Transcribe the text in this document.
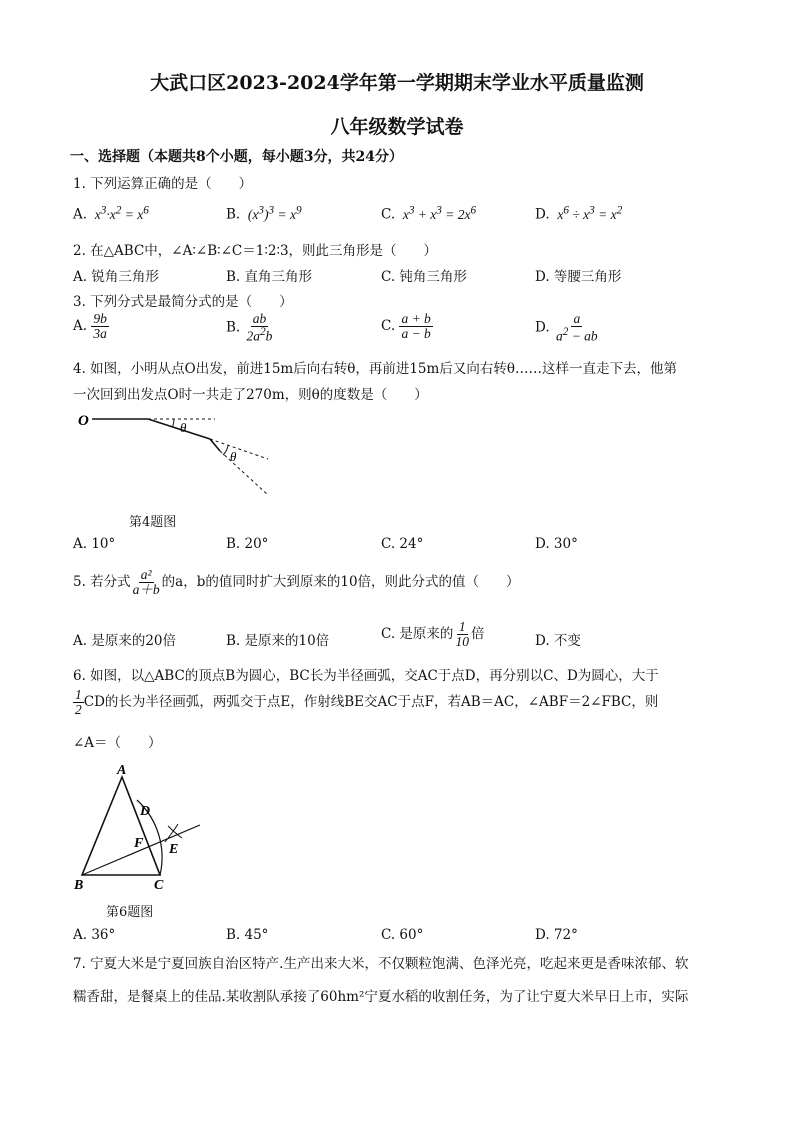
大武口区2023-2024学年第一学期期末学业水平质量监测
八年级数学试卷
一、选择题（本题共8个小题，每小题3分，共24分）
1. 下列运算正确的是（　　）
A.  $x^3\cdot x^2 = x^6$	B.  $(x^3)^3 = x^9$	C.  $x^3 + x^3 = 2x^6$	D.  $x^6 \div x^3 = x^2$
2. 在△ABC中，∠A∶∠B∶∠C＝1∶2∶3，则此三角形是（　　）
A. 锐角三角形	B. 直角三角形	C. 钝角三角形	D. 等腰三角形
3. 下列分式是最简分式的是（　　）
A. $\frac{9b}{3a}$	B. $\frac{ab}{2a^2b}$	C. $\frac{a + b}{a - b}$	D. $\frac{a}{a^2 - ab}$
4. 如图，小明从点O出发，前进15m后向右转θ，再前进15m后又向右转θ……这样一直走下去，他第
一次回到出发点O时一共走了270m，则θ的度数是（　　）
O	θ
θ
第4题图
A. 10°	B. 20°	C. 24°	D. 30°
5. 若分式 $\frac{\text{a²}}{a+b}$ 的a，b的值同时扩大到原来的10倍，则此分式的值（　　）
A. 是原来的20倍	B. 是原来的10倍	C. 是原来的 $\frac{1}{10}$ 倍	D. 不变
6. 如图，以△ABC的顶点B为圆心，BC长为半径画弧，交AC于点D，再分别以C、D为圆心，大于
$\frac{1}{2}$ CD的长为半径画弧，两弧交于点E，作射线BE交AC于点F，若AB＝AC，∠ABF＝2∠FBC，则
∠A＝（　　）
A
D
F E
B	C
第6题图
A. 36°	B. 45°	C. 60°	D. 72°
7. 宁夏大米是宁夏回族自治区特产.生产出来大米，不仅颗粒饱满、色泽光亮，吃起来更是香味浓郁、软
糯香甜，是餐桌上的佳品.某收割队承接了60hm²宁夏水稻的收割任务，为了让宁夏大米早日上市，实际
